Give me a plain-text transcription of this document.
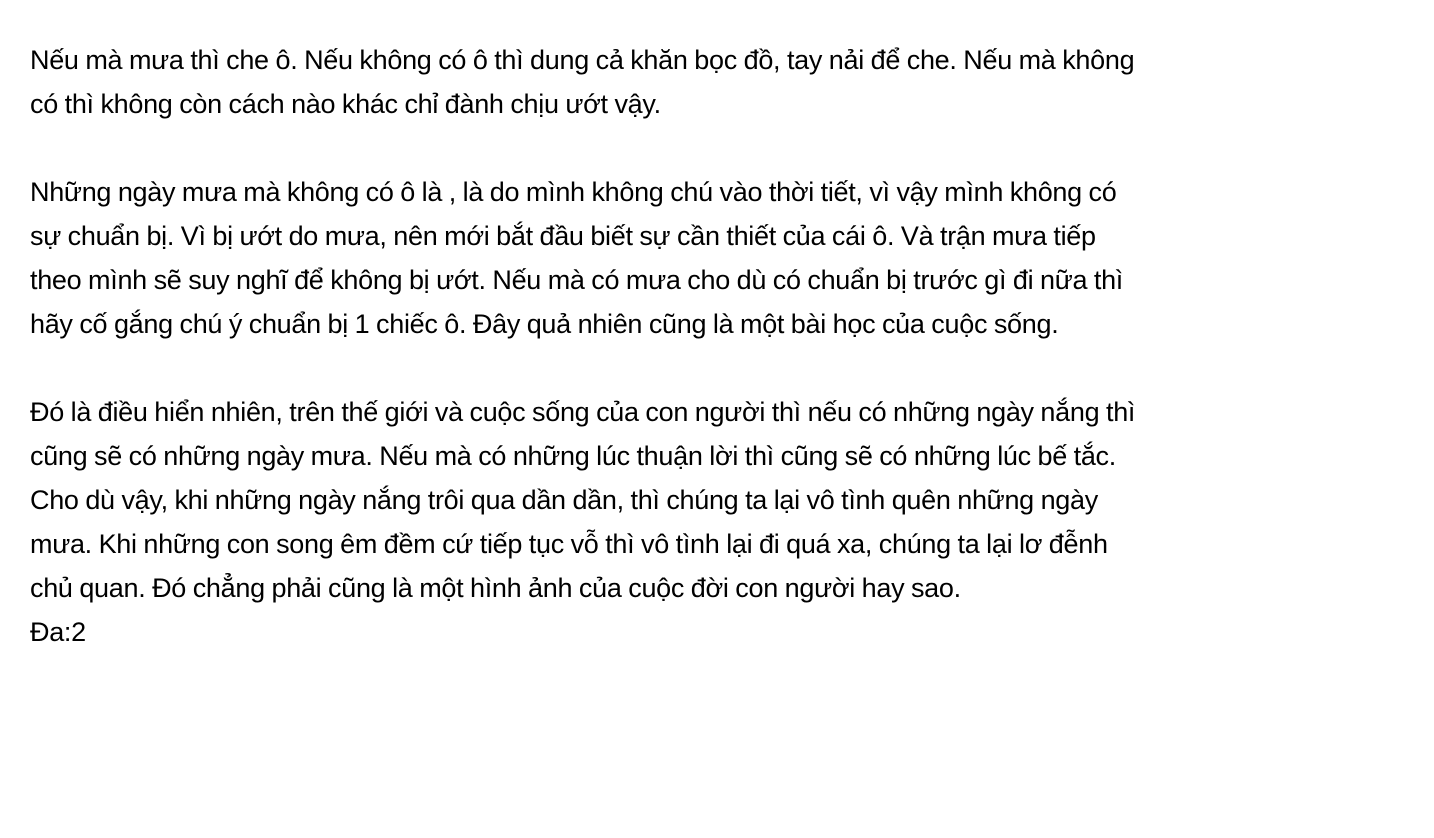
Nếu mà mưa thì che ô. Nếu không có ô thì dung cả khăn bọc đồ, tay nải để che. Nếu mà không
có thì không còn cách nào khác chỉ đành chịu ướt vậy.
Những ngày mưa mà không có ô là , là do mình không chú vào thời tiết, vì vậy mình không có
sự chuẩn bị. Vì bị ướt do mưa, nên mới bắt đầu biết sự cần thiết của cái ô. Và trận mưa tiếp
theo mình sẽ suy nghĩ để không bị ướt. Nếu mà có mưa cho dù có chuẩn bị trước gì đi nữa thì
hãy cố gắng chú ý chuẩn bị 1 chiếc ô. Đây quả nhiên cũng là một bài học của cuộc sống.
Đó là điều hiển nhiên, trên thế giới và cuộc sống của con người thì nếu có những ngày nắng thì
cũng sẽ có những ngày mưa. Nếu mà có những lúc thuận lời thì cũng sẽ có những lúc bế tắc.
Cho dù vậy, khi những ngày nắng trôi qua dần dần, thì chúng ta lại vô tình quên những ngày
mưa. Khi những con song êm đềm cứ tiếp tục vỗ thì vô tình lại đi quá xa, chúng ta lại lơ đễnh
chủ quan. Đó chẳng phải cũng là một hình ảnh của cuộc đời con người hay sao.
Đa:2
